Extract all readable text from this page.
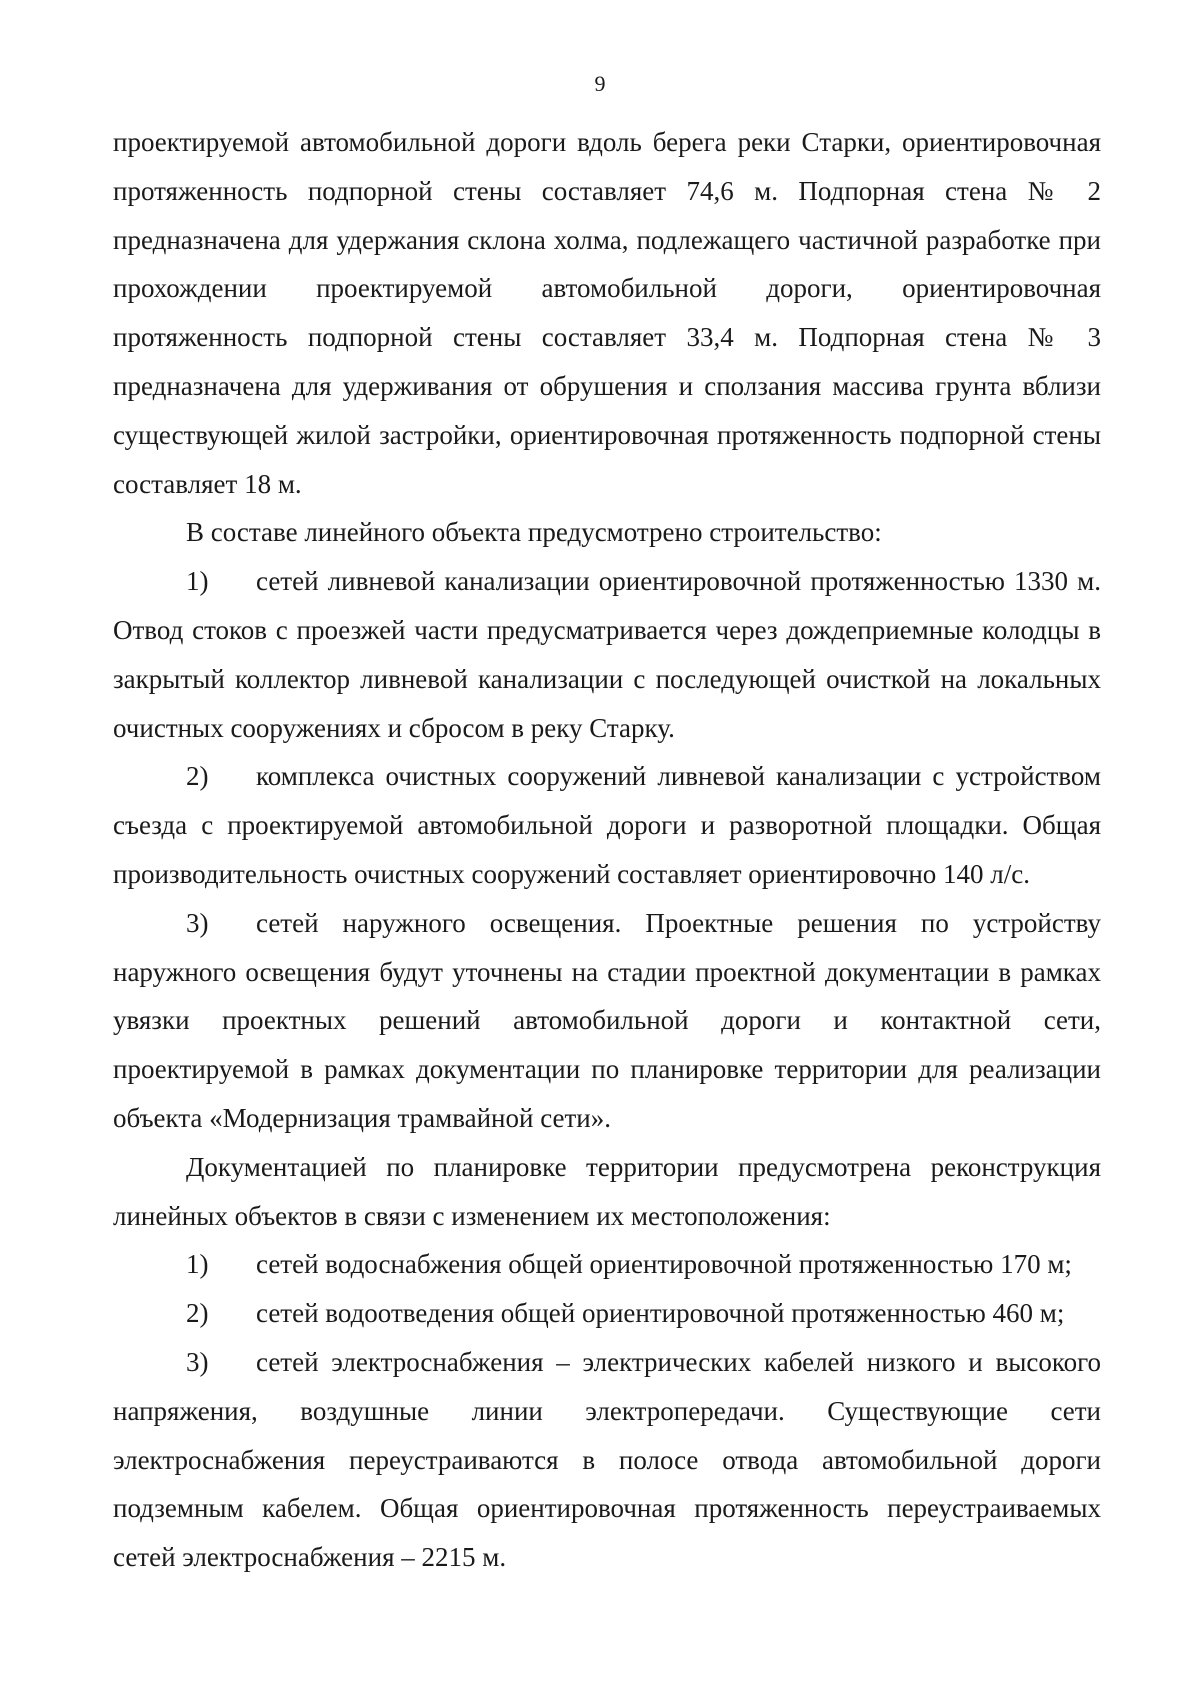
9

проектируемой автомобильной дороги вдоль берега реки Старки, ориентировочная протяженность подпорной стены составляет 74,6 м. Подпорная стена № 2 предназначена для удержания склона холма, подлежащего частичной разработке при прохождении проектируемой автомобильной дороги, ориентировочная протяженность подпорной стены составляет 33,4 м. Подпорная стена № 3 предназначена для удерживания от обрушения и сползания массива грунта вблизи существующей жилой застройки, ориентировочная протяженность подпорной стены составляет 18 м.

В составе линейного объекта предусмотрено строительство:

1) сетей ливневой канализации ориентировочной протяженностью 1330 м. Отвод стоков с проезжей части предусматривается через дождеприемные колодцы в закрытый коллектор ливневой канализации с последующей очисткой на локальных очистных сооружениях и сбросом в реку Старку.

2) комплекса очистных сооружений ливневой канализации с устройством съезда с проектируемой автомобильной дороги и разворотной площадки. Общая производительность очистных сооружений составляет ориентировочно 140 л/с.

3) сетей наружного освещения. Проектные решения по устройству наружного освещения будут уточнены на стадии проектной документации в рамках увязки проектных решений автомобильной дороги и контактной сети, проектируемой в рамках документации по планировке территории для реализации объекта «Модернизация трамвайной сети».

Документацией по планировке территории предусмотрена реконструкция линейных объектов в связи с изменением их местоположения:

1) сетей водоснабжения общей ориентировочной протяженностью 170 м;

2) сетей водоотведения общей ориентировочной протяженностью 460 м;

3) сетей электроснабжения – электрических кабелей низкого и высокого напряжения, воздушные линии электропередачи. Существующие сети электроснабжения переустраиваются в полосе отвода автомобильной дороги подземным кабелем. Общая ориентировочная протяженность переустраиваемых сетей электроснабжения – 2215 м.
